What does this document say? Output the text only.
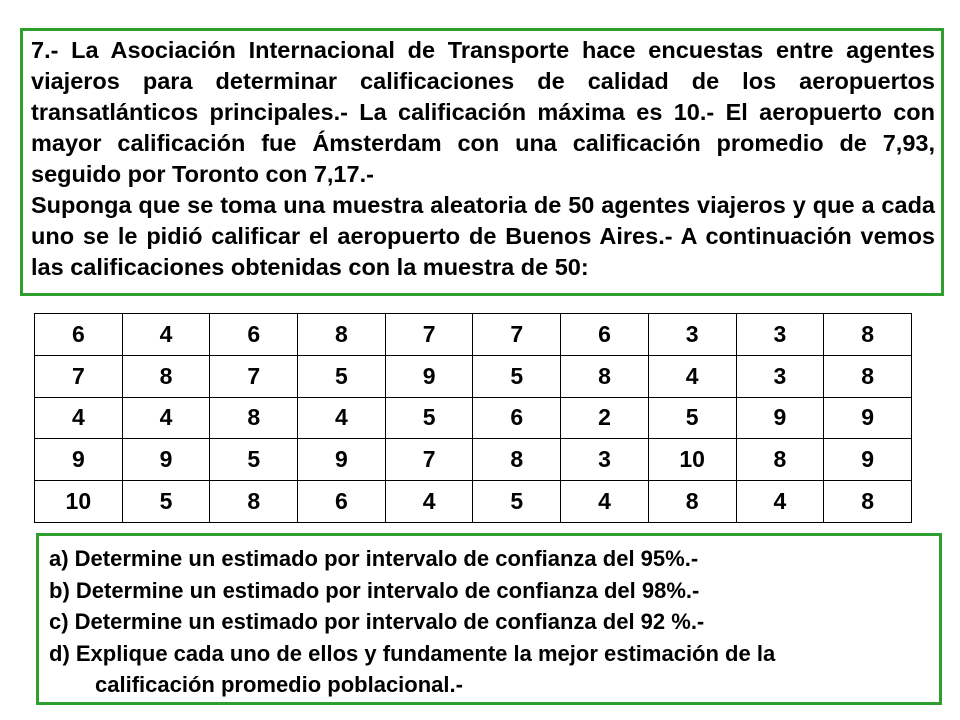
7.- La Asociación Internacional de Transporte hace encuestas entre agentes viajeros para determinar calificaciones de calidad de los aeropuertos transatlánticos principales.- La calificación máxima es 10.- El aeropuerto con mayor calificación fue Ámsterdam con una calificación promedio de 7,93, seguido por Toronto con 7,17.-

Suponga que se toma una muestra aleatoria de 50 agentes viajeros y que a cada uno se le pidió calificar el aeropuerto de Buenos Aires.- A continuación vemos las calificaciones obtenidas con la muestra de 50:

6	4	6	8	7	7	6	3	3	8
7	8	7	5	9	5	8	4	3	8
4	4	8	4	5	6	2	5	9	9
9	9	5	9	7	8	3	10	8	9
10	5	8	6	4	5	4	8	4	8
a) Determine un estimado por intervalo de confianza del 95%.-
b) Determine un estimado por intervalo de confianza del 98%.-
c) Determine un estimado por intervalo de confianza del 92 %.-
d) Explique cada uno de ellos y fundamente la mejor estimación de la
calificación promedio poblacional.-
